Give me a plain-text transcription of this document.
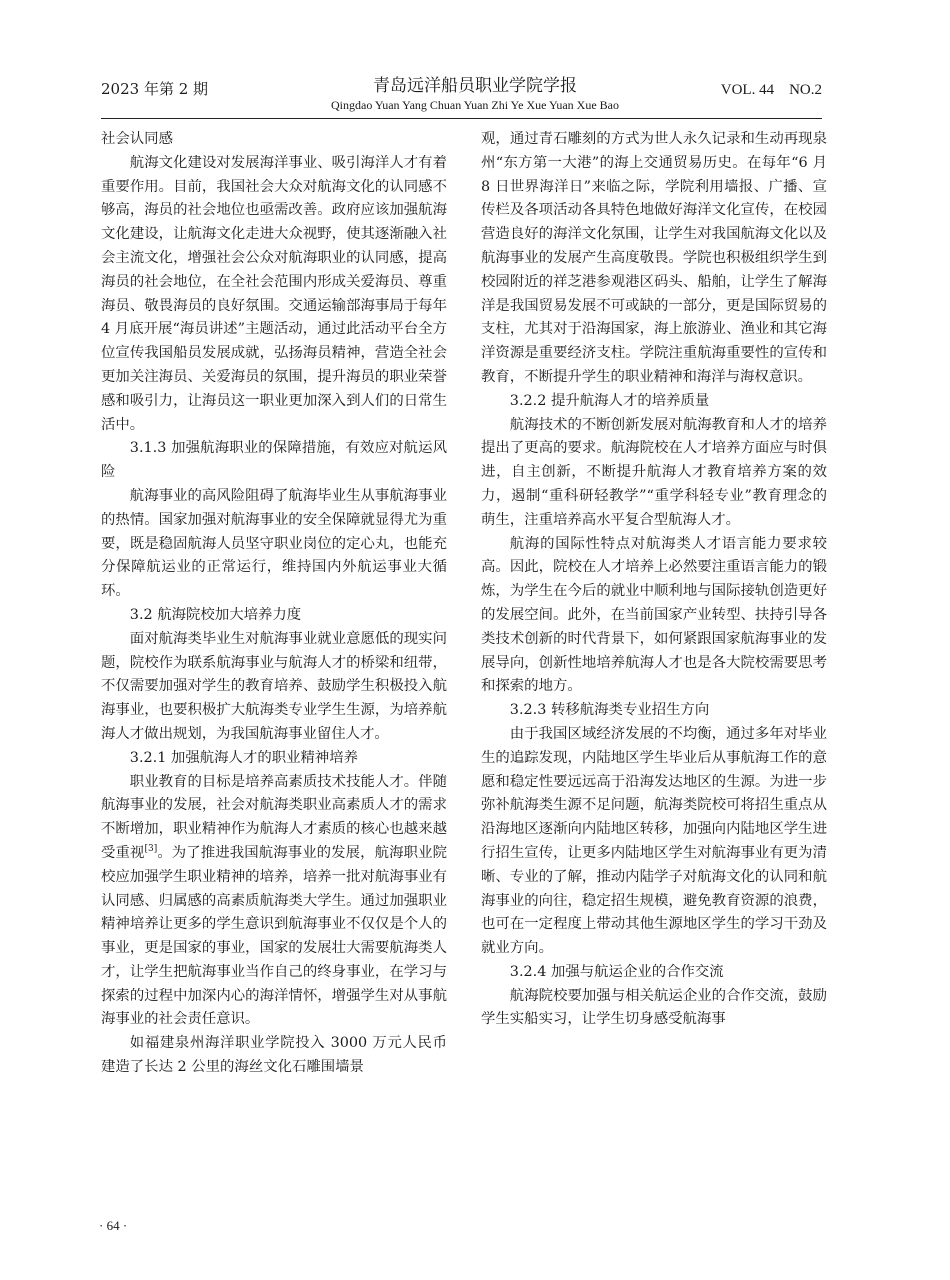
2023 年第 2 期	青岛远洋船员职业学院学报
Qingdao Yuan Yang Chuan Yuan Zhi Ye Xue Yuan Xue Bao
VOL. 44　NO.2

社会认同感

航海文化建设对发展海洋事业、吸引海洋人才有着重要作用。目前，我国社会大众对航海文化的认同感不够高，海员的社会地位也亟需改善。政府应该加强航海文化建设，让航海文化走进大众视野，使其逐渐融入社会主流文化，增强社会公众对航海职业的认同感，提高海员的社会地位，在全社会范围内形成关爱海员、尊重海员、敬畏海员的良好氛围。交通运输部海事局于每年 4 月底开展“海员讲述”主题活动，通过此活动平台全方位宣传我国船员发展成就，弘扬海员精神，营造全社会更加关注海员、关爱海员的氛围，提升海员的职业荣誉感和吸引力，让海员这一职业更加深入到人们的日常生活中。

3.1.3 加强航海职业的保障措施，有效应对航运风险

航海事业的高风险阻碍了航海毕业生从事航海事业的热情。国家加强对航海事业的安全保障就显得尤为重要，既是稳固航海人员坚守职业岗位的定心丸，也能充分保障航运业的正常运行，维持国内外航运事业大循环。

3.2 航海院校加大培养力度

面对航海类毕业生对航海事业就业意愿低的现实问题，院校作为联系航海事业与航海人才的桥梁和纽带，不仅需要加强对学生的教育培养、鼓励学生积极投入航海事业，也要积极扩大航海类专业学生生源，为培养航海人才做出规划，为我国航海事业留住人才。

3.2.1 加强航海人才的职业精神培养

职业教育的目标是培养高素质技术技能人才。伴随航海事业的发展，社会对航海类职业高素质人才的需求不断增加，职业精神作为航海人才素质的核心也越来越受重视[3]。为了推进我国航海事业的发展，航海职业院校应加强学生职业精神的培养，培养一批对航海事业有认同感、归属感的高素质航海类大学生。通过加强职业精神培养让更多的学生意识到航海事业不仅仅是个人的事业，更是国家的事业，国家的发展壮大需要航海类人才，让学生把航海事业当作自己的终身事业，在学习与探索的过程中加深内心的海洋情怀，增强学生对从事航海事业的社会责任意识。

如福建泉州海洋职业学院投入 3000 万元人民币建造了长达 2 公里的海丝文化石雕围墙景

观，通过青石雕刻的方式为世人永久记录和生动再现泉州“东方第一大港”的海上交通贸易历史。在每年“6 月 8 日世界海洋日”来临之际，学院利用墙报、广播、宣传栏及各项活动各具特色地做好海洋文化宣传，在校园营造良好的海洋文化氛围，让学生对我国航海文化以及航海事业的发展产生高度敬畏。学院也积极组织学生到校园附近的祥芝港参观港区码头、船舶，让学生了解海洋是我国贸易发展不可或缺的一部分，更是国际贸易的支柱，尤其对于沿海国家，海上旅游业、渔业和其它海洋资源是重要经济支柱。学院注重航海重要性的宣传和教育，不断提升学生的职业精神和海洋与海权意识。

3.2.2 提升航海人才的培养质量

航海技术的不断创新发展对航海教育和人才的培养提出了更高的要求。航海院校在人才培养方面应与时俱进，自主创新，不断提升航海人才教育培养方案的效力，遏制“重科研轻教学”“重学科轻专业”教育理念的萌生，注重培养高水平复合型航海人才。

航海的国际性特点对航海类人才语言能力要求较高。因此，院校在人才培养上必然要注重语言能力的锻炼，为学生在今后的就业中顺利地与国际接轨创造更好的发展空间。此外，在当前国家产业转型、扶持引导各类技术创新的时代背景下，如何紧跟国家航海事业的发展导向，创新性地培养航海人才也是各大院校需要思考和探索的地方。

3.2.3 转移航海类专业招生方向

由于我国区域经济发展的不均衡，通过多年对毕业生的追踪发现，内陆地区学生毕业后从事航海工作的意愿和稳定性要远远高于沿海发达地区的生源。为进一步弥补航海类生源不足问题，航海类院校可将招生重点从沿海地区逐渐向内陆地区转移，加强向内陆地区学生进行招生宣传，让更多内陆地区学生对航海事业有更为清晰、专业的了解，推动内陆学子对航海文化的认同和航海事业的向往，稳定招生规模，避免教育资源的浪费，也可在一定程度上带动其他生源地区学生的学习干劲及就业方向。

3.2.4 加强与航运企业的合作交流

航海院校要加强与相关航运企业的合作交流，鼓励学生实船实习，让学生切身感受航海事

· 64 ·
